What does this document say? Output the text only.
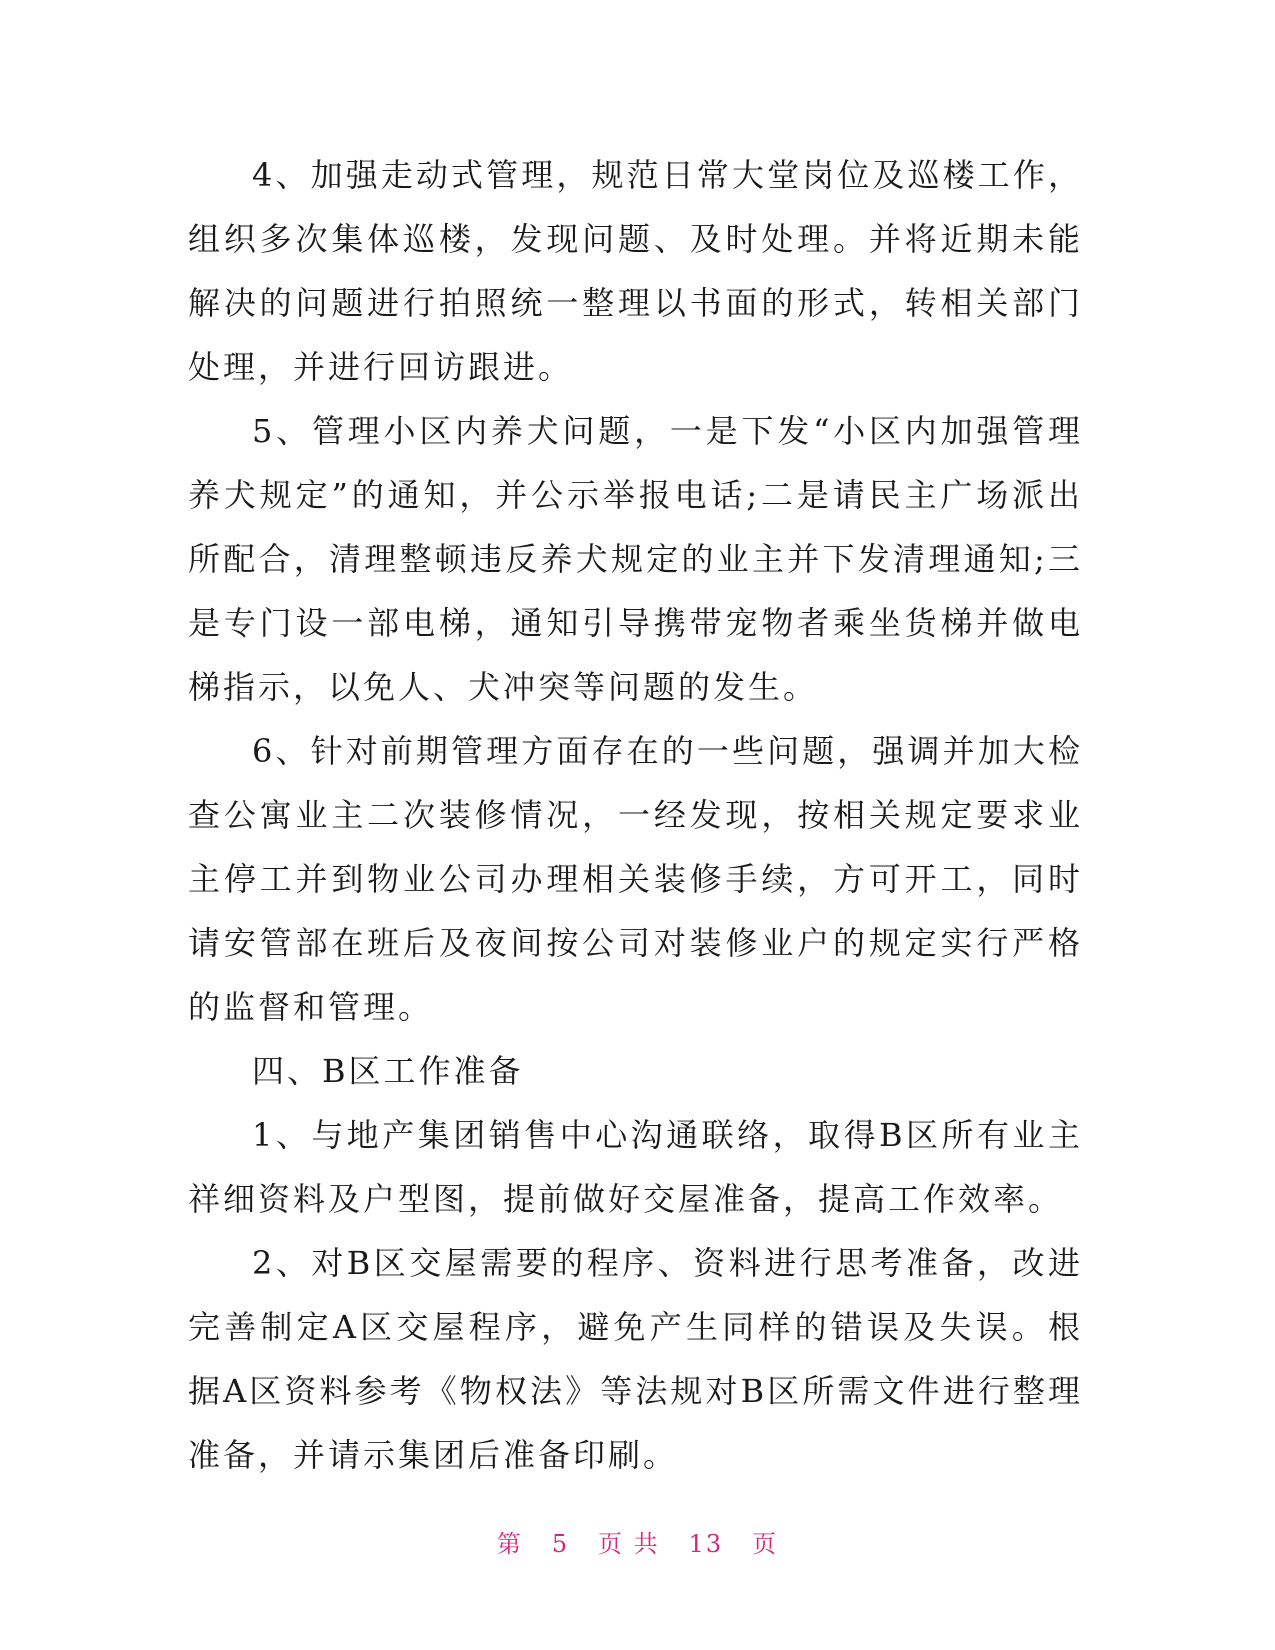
4、加强走动式管理，规范日常大堂岗位及巡楼工作，组织多次集体巡楼，发现问题、及时处理。并将近期未能解决的问题进行拍照统一整理以书面的形式，转相关部门处理，并进行回访跟进。

5、管理小区内养犬问题，一是下发“小区内加强管理养犬规定”的通知，并公示举报电话;二是请民主广场派出所配合，清理整顿违反养犬规定的业主并下发清理通知;三是专门设一部电梯，通知引导携带宠物者乘坐货梯并做电梯指示，以免人、犬冲突等问题的发生。

6、针对前期管理方面存在的一些问题，强调并加大检查公寓业主二次装修情况，一经发现，按相关规定要求业主停工并到物业公司办理相关装修手续，方可开工，同时请安管部在班后及夜间按公司对装修业户的规定实行严格的监督和管理。

四、B区工作准备

1、与地产集团销售中心沟通联络，取得B区所有业主祥细资料及户型图，提前做好交屋准备，提高工作效率。

2、对B区交屋需要的程序、资料进行思考准备，改进完善制定A区交屋程序，避免产生同样的错误及失误。根据A区资料参考《物权法》等法规对B区所需文件进行整理准备，并请示集团后准备印刷。

第 5 页 共 13 页
